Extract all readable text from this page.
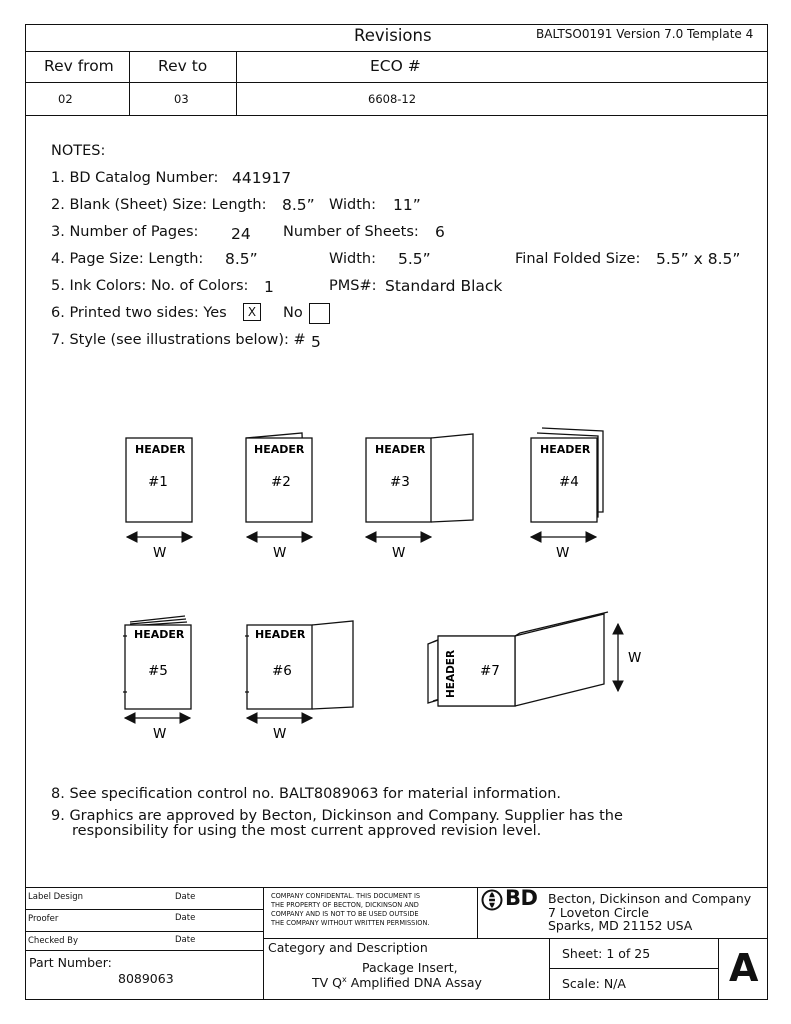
Revisions	BALTSO0191 Version 7.0 Template 4
Rev from	Rev to	ECO #
02	03	6608-12
NOTES:
1. BD Catalog Number: 441917
2. Blank (Sheet) Size: Length: 8.5” Width: 11”
3. Number of Pages: 24 Number of Sheets: 6
4. Page Size: Length: 8.5”	Width: 5.5”	Final Folded Size: 5.5” x 8.5”
5. Ink Colors: No. of Colors: 1	PMS#: Standard Black
6. Printed two sides: Yes	X	No
7. Style (see illustrations below): # 5
HEADER	HEADER	HEADER	HEADER
HEADER	HEADER
HEADER
#1	#2	#3	#4
#5	#6	#7
W	W	W	W
W	W
W
8. See specification control no. BALT8089063 for material information.
9. Graphics are approved by Becton, Dickinson and Company. Supplier has the
responsibility for using the most current approved revision level.
Label Design	Date
Proofer	Date
Checked By	Date
COMPANY CONFIDENTAL. THIS DOCUMENT IS
THE PROPERTY OF BECTON, DICKINSON AND
COMPANY AND IS NOT TO BE USED OUTSIDE
THE COMPANY WITHOUT WRITTEN PERMISSION.
BD Becton, Dickinson and Company
7 Loveton Circle
Sparks, MD 21152 USA
Part Number:
8089063
Category and Description
Package Insert,
TV $Q^x$ Amplified DNA Assay
Sheet: 1 of 25
Scale: N/A	A
